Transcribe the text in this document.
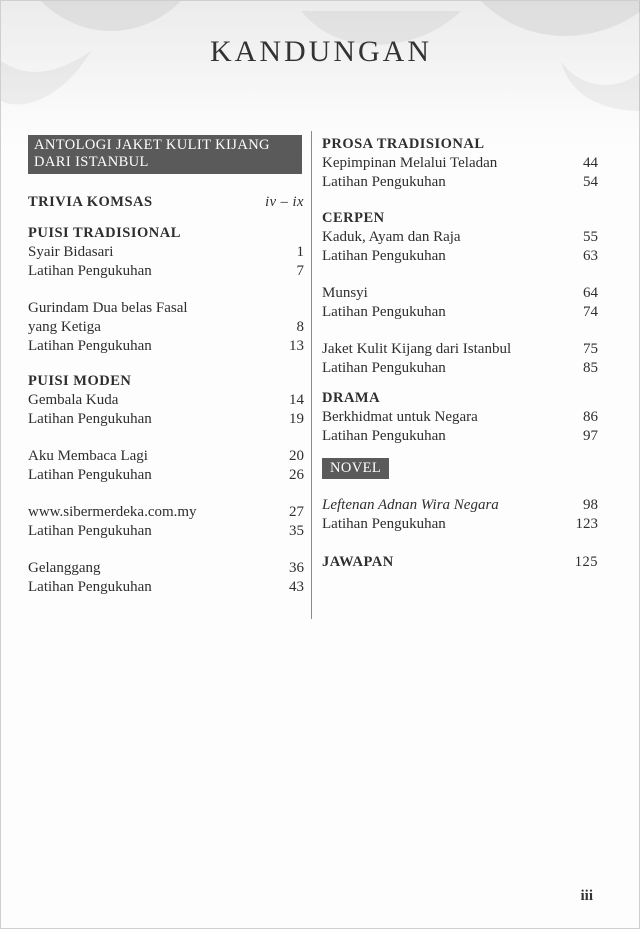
KANDUNGAN
ANTOLOGI JAKET KULIT KIJANG
DARI ISTANBUL
TRIVIA KOMSAS	iv – ix
PUISI TRADISIONAL
Syair Bidasari	1
Latihan Pengukuhan	7
Gurindam Dua belas Fasal
yang Ketiga	8
Latihan Pengukuhan	13
PUISI MODEN
Gembala Kuda	14
Latihan Pengukuhan	19
Aku Membaca Lagi	20
Latihan Pengukuhan	26
www.sibermerdeka.com.my	27
Latihan Pengukuhan	35
Gelanggang	36
Latihan Pengukuhan	43
PROSA TRADISIONAL
Kepimpinan Melalui Teladan	44
Latihan Pengukuhan	54
CERPEN
Kaduk, Ayam dan Raja	55
Latihan Pengukuhan	63
Munsyi	64
Latihan Pengukuhan	74
Jaket Kulit Kijang dari Istanbul	75
Latihan Pengukuhan	85
DRAMA
Berkhidmat untuk Negara	86
Latihan Pengukuhan	97
NOVEL
Leftenan Adnan Wira Negara	98
Latihan Pengukuhan	123
JAWAPAN	125
iii
